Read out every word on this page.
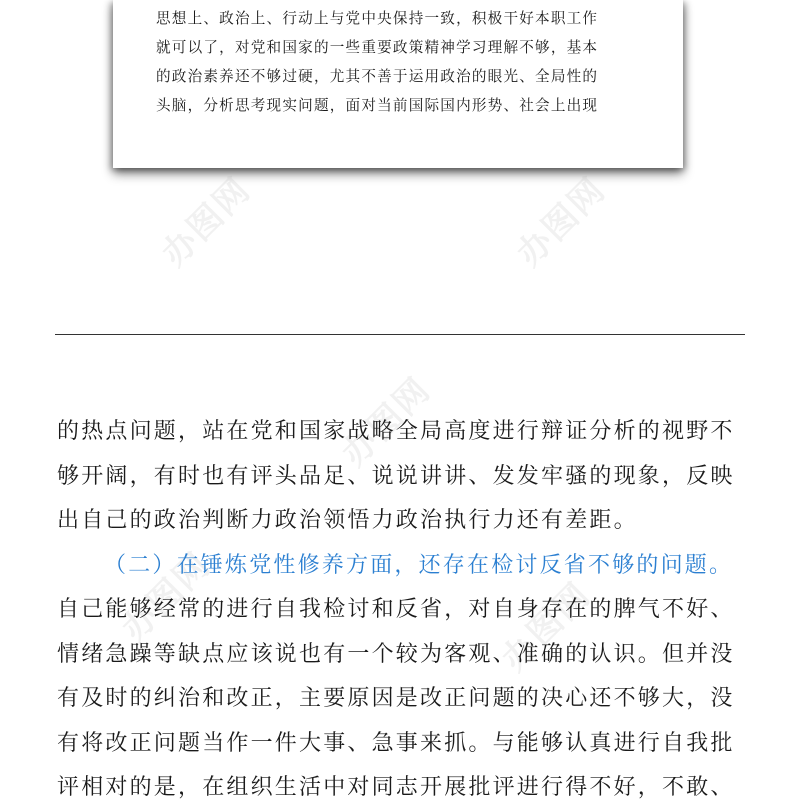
思想上、政治上、行动上与党中央保持一致，积极干好本职工作
就可以了，对党和国家的一些重要政策精神学习理解不够，基本
的政治素养还不够过硬，尤其不善于运用政治的眼光、全局性的
头脑，分析思考现实问题，面对当前国际国内形势、社会上出现
办图网	办图网
办图网
办图网	办图网
的热点问题，站在党和国家战略全局高度进行辩证分析的视野不
够开阔，有时也有评头品足、说说讲讲、发发牢骚的现象，反映
出自己的政治判断力政治领悟力政治执行力还有差距。
（二）在锤炼党性修养方面，还存在检讨反省不够的问题。
自己能够经常的进行自我检讨和反省，对自身存在的脾气不好、
情绪急躁等缺点应该说也有一个较为客观、准确的认识。但并没
有及时的纠治和改正，主要原因是改正问题的决心还不够大，没
有将改正问题当作一件大事、急事来抓。与能够认真进行自我批
评相对的是，在组织生活中对同志开展批评进行得不好，不敢、
